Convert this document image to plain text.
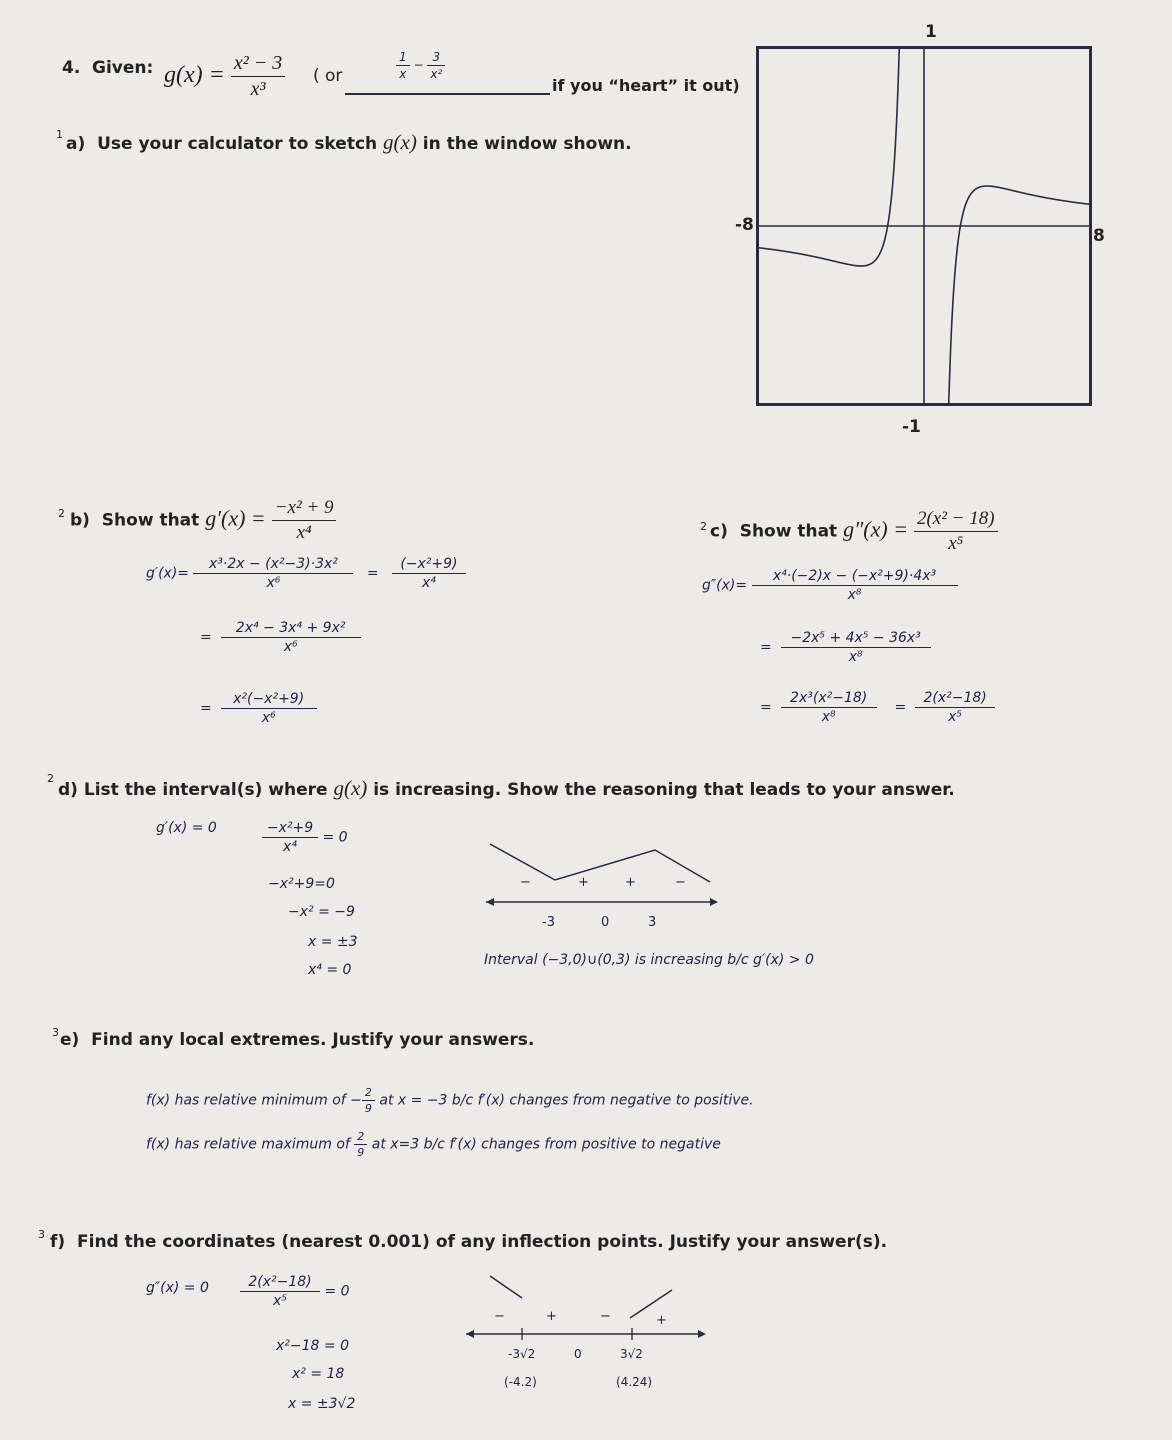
4. Given: $g(x) = \frac{\text{x² − 3}}{\text{x³}}$ ( or	$\frac{1}{x} - \frac{3}{\text{x²}}$
if you “heart” it out)
$^1$ a) Use your calculator to sketch g(x) in the window shown.
1
-8
8
-1
$^2$ b) Show that $g'(x) = \frac{\text{−x² + 9}}{\text{x⁴}}$
$g'(x)= \frac{\text{x³·2x − (x²−3)·3x²}}{\text{x⁶}} = \frac{\text{(−x²+9)}}{\text{x⁴}}$
= $\frac{\text{2x⁴ − 3x⁴ + 9x²}}{\text{x⁶}}$
= $\frac{\text{x²(−x²+9)}}{\text{x⁶}}$
$^2$ c) Show that $g''(x) = \frac{\text{2(x² − 18)}}{\text{x⁵}}$
$g''(x)= \frac{\text{x⁴·(−2)x − (−x²+9)·4x³}}{\text{x⁸}}$
= $\frac{\text{−2x⁵ + 4x⁵ − 36x³}}{\text{x⁸}}$
= $\frac{\text{2x³(x²−18)}}{\text{x⁸}} = \frac{\text{2(x²−18)}}{\text{x⁵}}$
$^2$
d) List the interval(s) where g(x) is increasing. Show the reasoning that leads to your answer.
g′(x) = 0	$\frac{\text{−x²+9}}{\text{x⁴}} = 0$
−x²+9=0
−x² = −9
x = ±3
x⁴ = 0
−	+	+	−
-3	0	3
Interval (−3,0)∪(0,3) is increasing b/c g′(x) > 0
$^3$ e) Find any local extremes. Justify your answers.
f(x) has relative minimum of − $\frac{2}{9}$ at x = −3 b/c f′(x) changes from negative to positive.
f(x) has relative maximum of $\frac{2}{9}$ at x=3 b/c f′(x) changes from positive to negative
$^3$ f) Find the coordinates (nearest 0.001) of any inflection points. Justify your answer(s).
$g''(x) = 0 \frac{\text{2(x²−18)}}{\text{x⁵}} = 0$
x²−18 = 0
x² = 18
x = ±3√2
−	+	−	+
-3√2	0	3√2
(-4.2)	(4.24)
